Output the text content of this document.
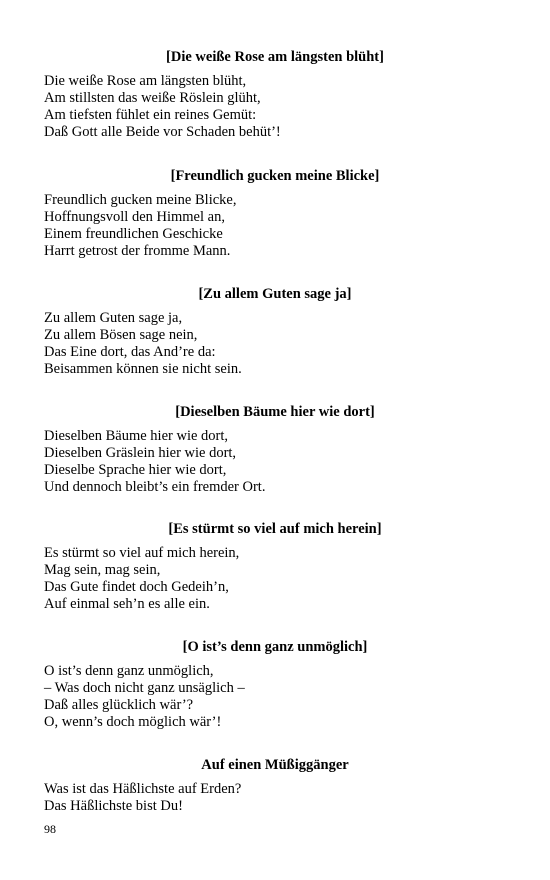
[Die weiße Rose am längsten blüht]
Die weiße Rose am längsten blüht,
Am stillsten das weiße Röslein glüht,
Am tiefsten fühlet ein reines Gemüt:
Daß Gott alle Beide vor Schaden behüt’!
[Freundlich gucken meine Blicke]
Freundlich gucken meine Blicke,
Hoffnungsvoll den Himmel an,
Einem freundlichen Geschicke
Harrt getrost der fromme Mann.
[Zu allem Guten sage ja]
Zu allem Guten sage ja,
Zu allem Bösen sage nein,
Das Eine dort, das And’re da:
Beisammen können sie nicht sein.
[Dieselben Bäume hier wie dort]
Dieselben Bäume hier wie dort,
Dieselben Gräslein hier wie dort,
Dieselbe Sprache hier wie dort,
Und dennoch bleibt’s ein fremder Ort.
[Es stürmt so viel auf mich herein]
Es stürmt so viel auf mich herein,
Mag sein, mag sein,
Das Gute findet doch Gedeih’n,
Auf einmal seh’n es alle ein.
[O ist’s denn ganz unmöglich]
O ist’s denn ganz unmöglich,
– Was doch nicht ganz unsäglich –
Daß alles glücklich wär’?
O, wenn’s doch möglich wär’!
Auf einen Müßiggänger
Was ist das Häßlichste auf Erden?
Das Häßlichste bist Du!
98
